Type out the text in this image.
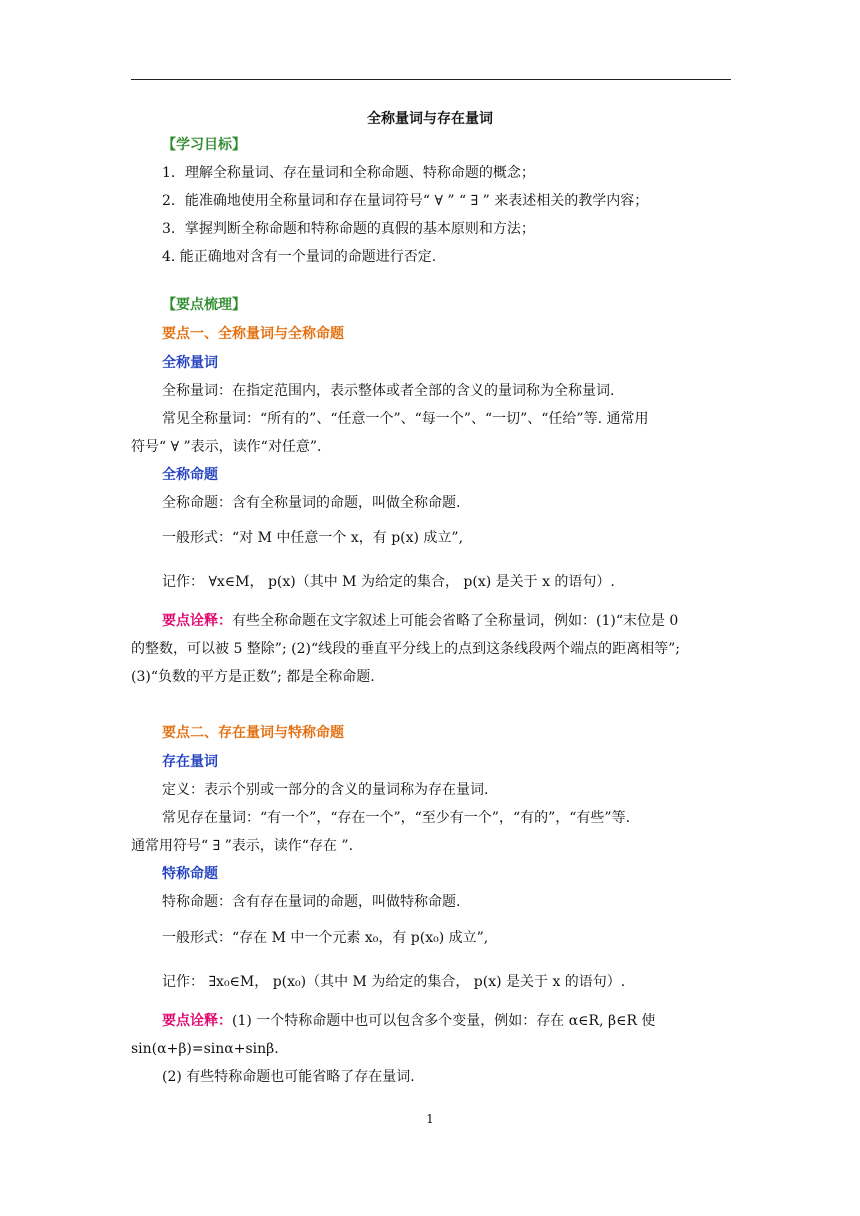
全称量词与存在量词
【学习目标】
1．理解全称量词、存在量词和全称命题、特称命题的概念；
2．能准确地使用全称量词和存在量词符号“ ∀ ” “ ∃ ” 来表述相关的教学内容；
3．掌握判断全称命题和特称命题的真假的基本原则和方法；
4. 能正确地对含有一个量词的命题进行否定.
【要点梳理】
要点一、全称量词与全称命题
全称量词
全称量词：在指定范围内，表示整体或者全部的含义的量词称为全称量词.
常见全称量词：“所有的”、“任意一个”、“每一个”、“一切”、“任给”等. 通常用
符号“ ∀ ”表示，读作“对任意”.
全称命题
全称命题：含有全称量词的命题，叫做全称命题.
一般形式：“对 M 中任意一个 x，有 p(x) 成立”,
记作： ∀x∈M， p(x)（其中 M 为给定的集合， p(x) 是关于 x 的语句）.
要点诠释：有些全称命题在文字叙述上可能会省略了全称量词，例如：(1)“末位是 0
的整数，可以被 5 整除”; (2)“线段的垂直平分线上的点到这条线段两个端点的距离相等”;
(3)“负数的平方是正数”; 都是全称命题.
要点二、存在量词与特称命题
存在量词
定义：表示个别或一部分的含义的量词称为存在量词.
常见存在量词：“有一个”，“存在一个”，“至少有一个”，“有的”，“有些”等.
通常用符号“ ∃ ”表示，读作“存在 ”.
特称命题
特称命题：含有存在量词的命题，叫做特称命题.
一般形式：“存在 M 中一个元素 x₀，有 p(x₀) 成立”,
记作： ∃x₀∈M， p(x₀)（其中 M 为给定的集合， p(x) 是关于 x 的语句）.
要点诠释：(1) 一个特称命题中也可以包含多个变量，例如：存在 α∈R, β∈R 使
sin(α+β)=sinα+sinβ.
(2) 有些特称命题也可能省略了存在量词.
1
